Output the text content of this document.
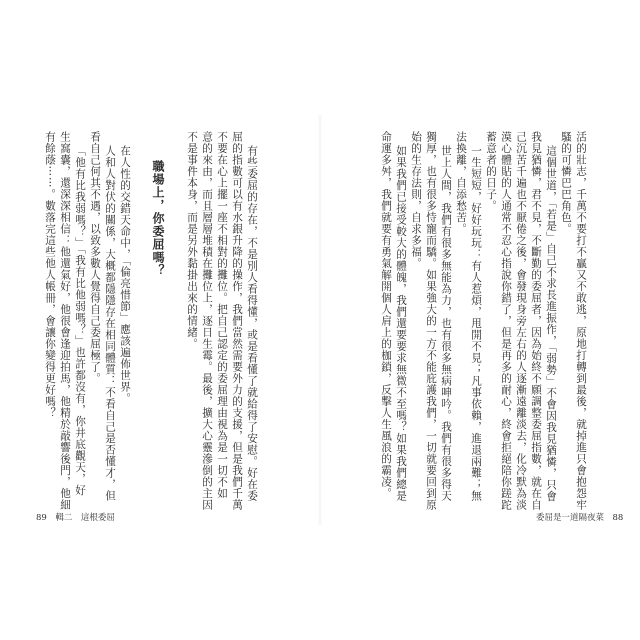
活的壯志，千萬不要打不贏又不敢逃，原地打轉到最後，就掉進只會抱怨牢
騷的可憐巴巴角色。
這個世道，「若是」自己不求長進振作，「弱勢」不會因我見猶憐，只會
我見猶憐，君不見，不斷勤的委屈者，因為始終不願調整委屈指數，就在自
己沉苦千遍也不厭倦之後，會發現身旁左右的人逐漸遠離淡去，化冷默為淡
漠心體貼的人通常不忍心指說你錯了，但是再多的耐心，終會拒絕陪你蹉跎
蓄意者的日子。
一生短短，好好玩玩：有人惹煩，甩開不見；凡事依賴，進退兩難；無
法換離，自添愁苦。
世上人間，我們有很多無能為力，也有很多無病呻吟。我們有很多得天
獨厚，也有很多恃寵而驕。如果強大的一方不能庇護我們，一切就要回到原
始的生存法則，自求多福。
如果我們已接受較大的體魄，我們還要要求無微不至嗎？如果我們總是
命運多舛，我們就要有勇氣解開個人肩上的枷鎖，反擊人生風浪的霸凌。
委屈是一道隔夜菜　88
有些委屈的存在，不是別人看得懂，或是看懂了就給得了安慰。好在委
屈的指數可以有水銀升降的操作，我們當然需要外力的支援，但是我們千萬
不要在心上擺一座不相對的攤位。把自己認定的委屈理由視為是一切不如
意的來由，而且層層堆積在攤位上，逐日生霉。最後，擴大心靈滲倒的主因
不是事件本身，而是另外黏掛出來的情緒。
職場上，你委屈嗎？
在人性的交錯天命中，「倫亮惜節」應該遍佈世界。
人和人對伏的關係，大概都隱隱存在相同體質：不看自己是否懂才，但
看自己何其不遇，以致多數人覺得自己委屈極了。
「他有比我弱嗎？」「我有比他弱嗎？」也許都沒有，你井底觀天，好
生窩囊，還深深相信：他還氣好，他很會逢迎拍馬，他精於敲響後門，他細
有餘蔭⋯⋯。數落完這些他人帳冊，會讓你變得更好嗎？
89　輯二　這根委屈
